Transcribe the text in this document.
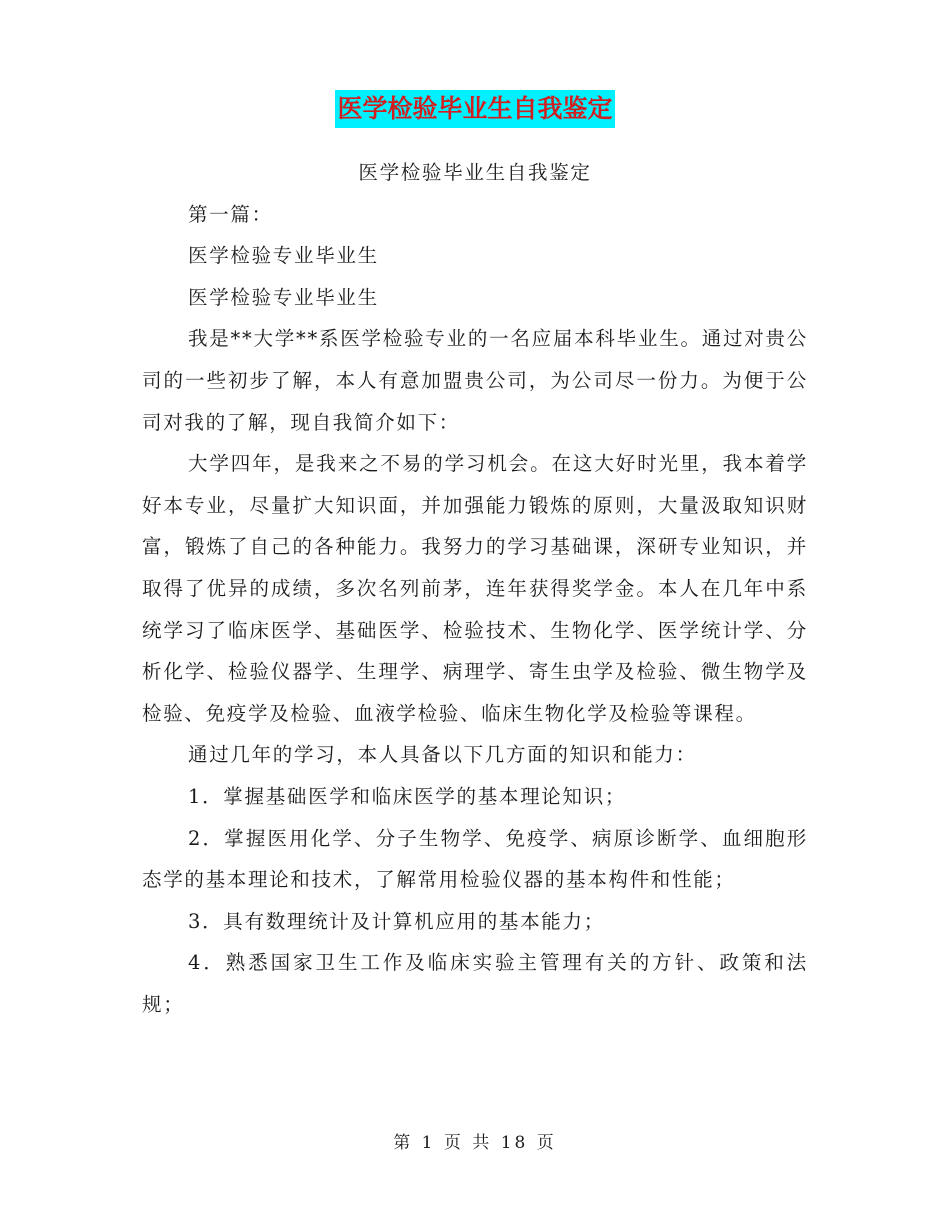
医学检验毕业生自我鉴定

医学检验毕业生自我鉴定

第一篇：

医学检验专业毕业生

医学检验专业毕业生

我是**大学**系医学检验专业的一名应届本科毕业生。通过对贵公司的一些初步了解，本人有意加盟贵公司，为公司尽一份力。为便于公司对我的了解，现自我简介如下：

大学四年，是我来之不易的学习机会。在这大好时光里，我本着学好本专业，尽量扩大知识面，并加强能力锻炼的原则，大量汲取知识财富，锻炼了自己的各种能力。我努力的学习基础课，深研专业知识，并取得了优异的成绩，多次名列前茅，连年获得奖学金。本人在几年中系统学习了临床医学、基础医学、检验技术、生物化学、医学统计学、分析化学、检验仪器学、生理学、病理学、寄生虫学及检验、微生物学及检验、免疫学及检验、血液学检验、临床生物化学及检验等课程。

通过几年的学习，本人具备以下几方面的知识和能力：

1．掌握基础医学和临床医学的基本理论知识；

2．掌握医用化学、分子生物学、免疫学、病原诊断学、血细胞形态学的基本理论和技术，了解常用检验仪器的基本构件和性能；

3．具有数理统计及计算机应用的基本能力；

4．熟悉国家卫生工作及临床实验主管理有关的方针、政策和法规；

第 1 页 共 18 页
